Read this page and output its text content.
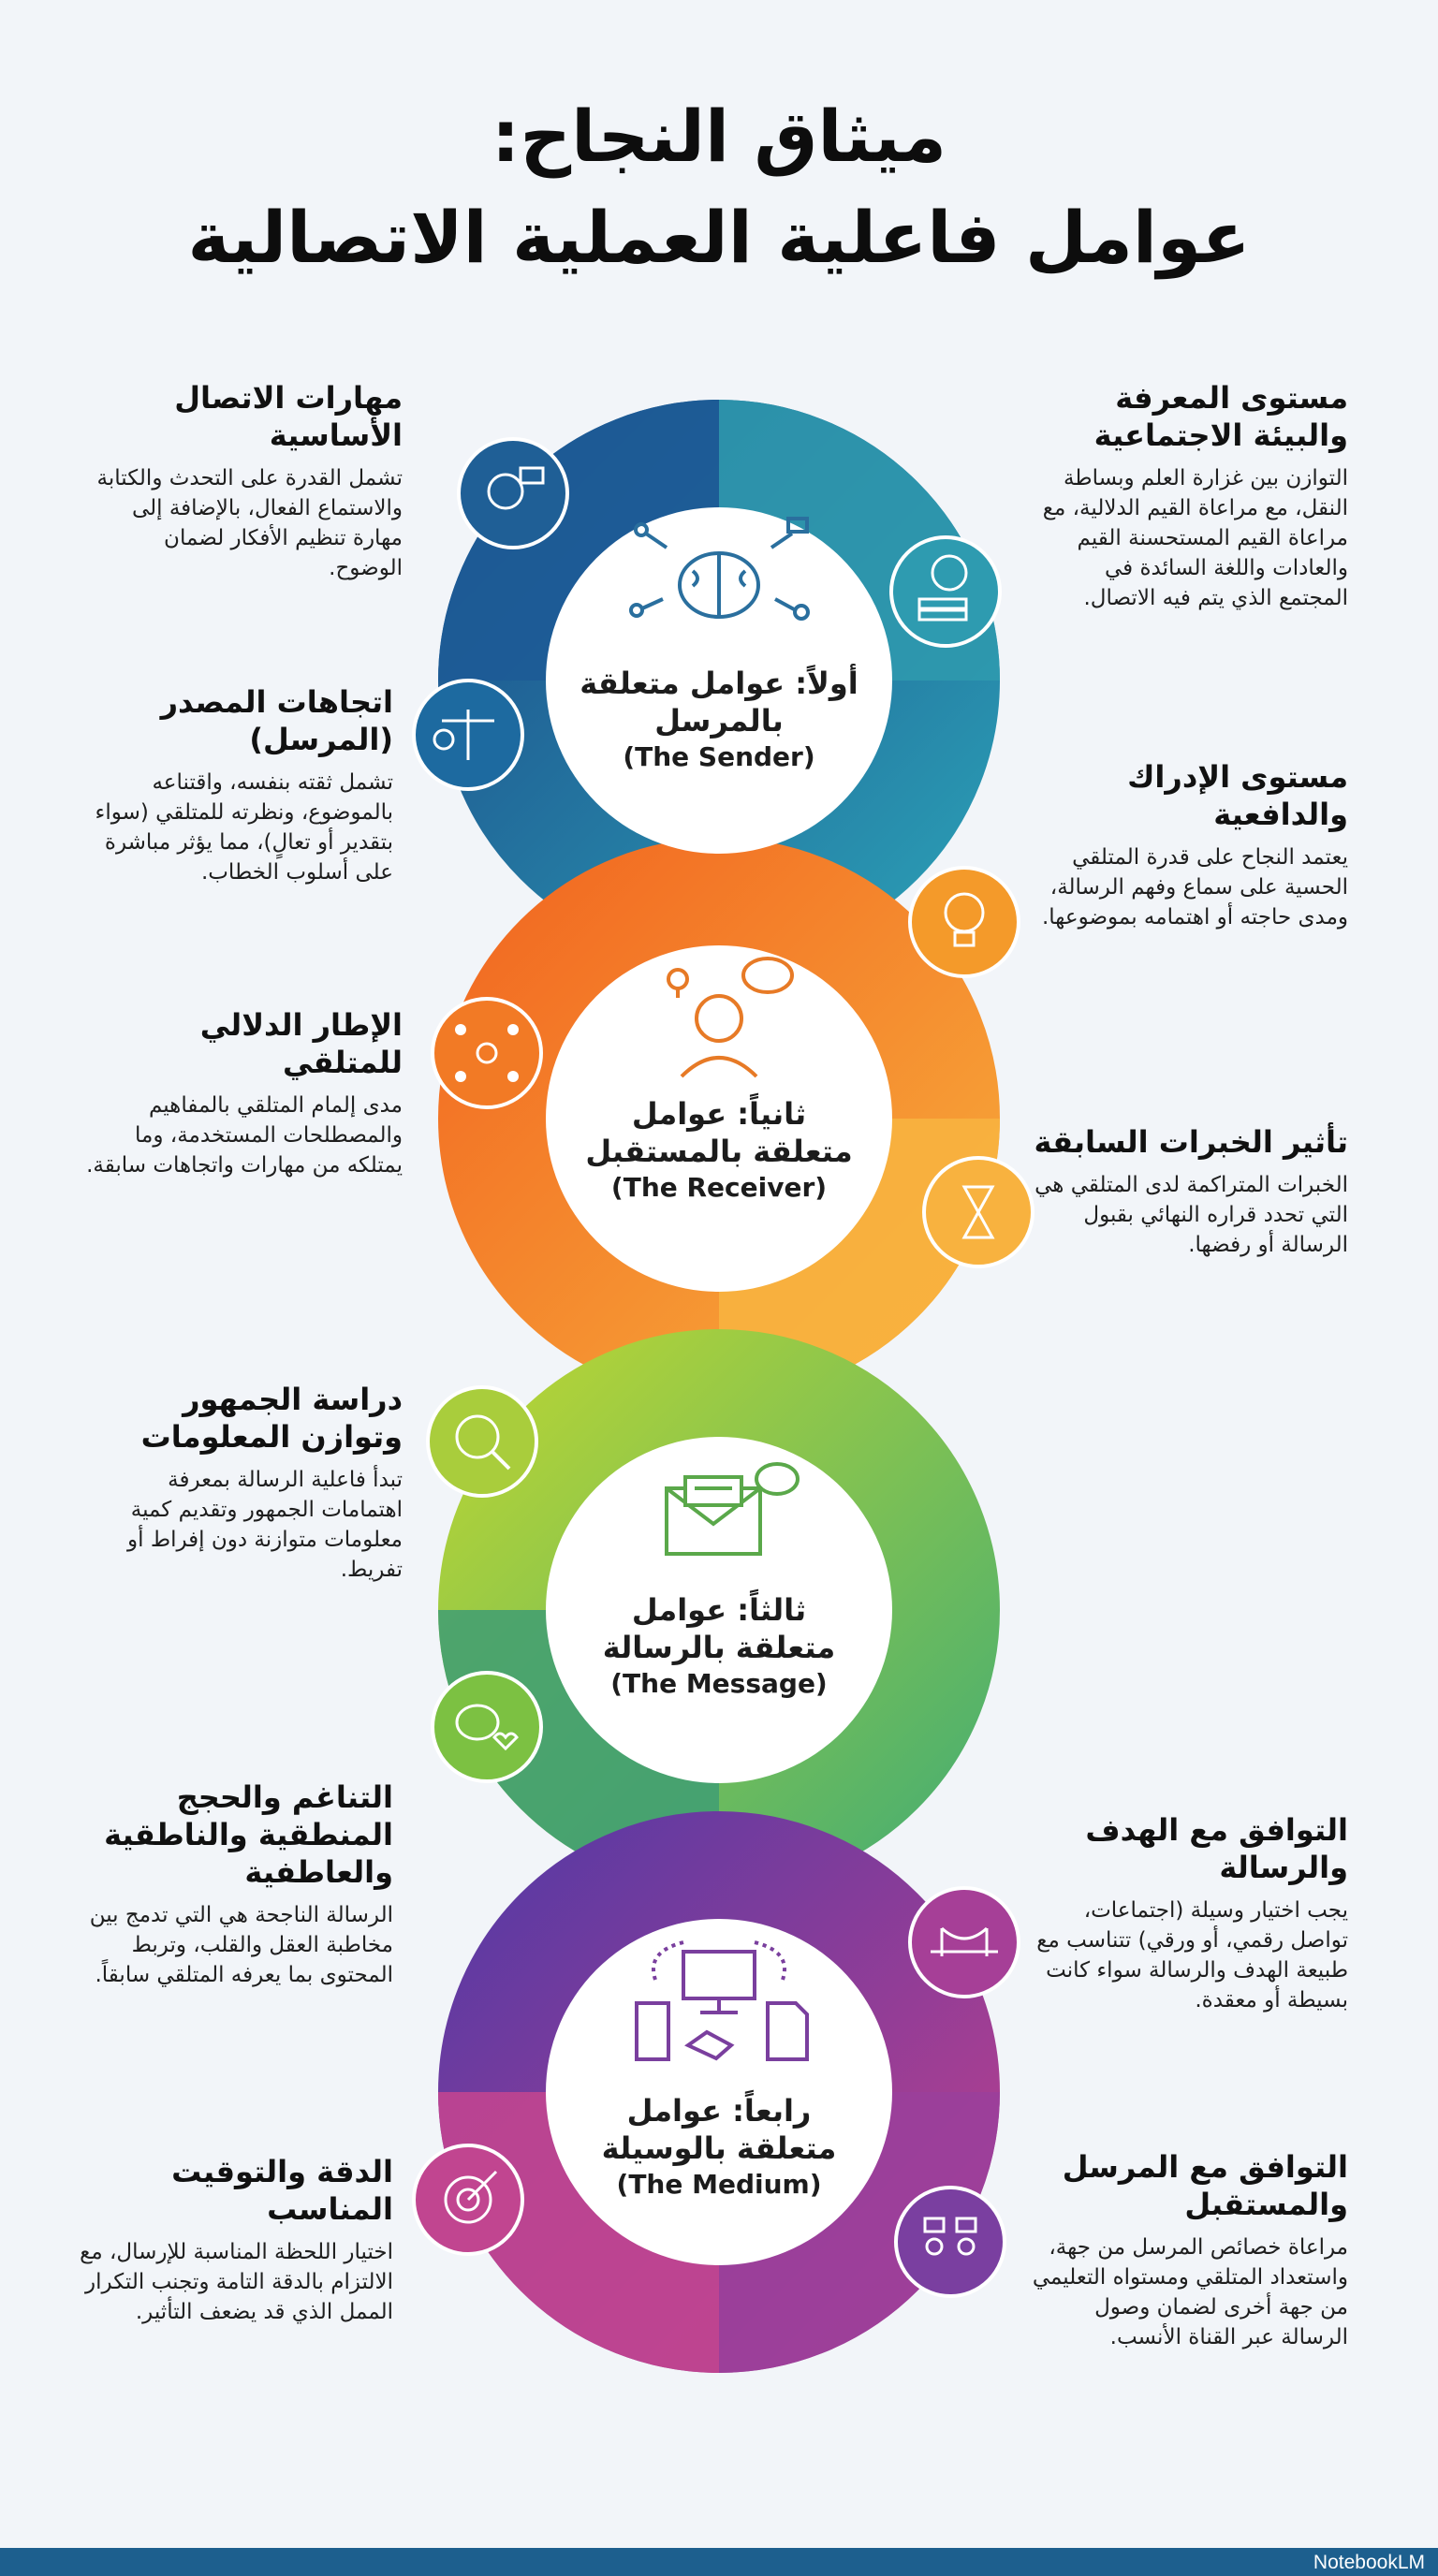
ميثاق النجاح:
عوامل فاعلية العملية الاتصالية
أولاً: عوامل متعلقة بالمرسل
(The Sender)
ثانياً: عوامل متعلقة بالمستقبل
(The Receiver)
ثالثاً: عوامل متعلقة بالرسالة
(The Message)
رابعاً: عوامل متعلقة بالوسيلة
(The Medium)
مستوى المعرفة والبيئة الاجتماعية

التوازن بين غزارة العلم وبساطة النقل، مع مراعاة القيم الدلالية، مع مراعاة القيم المستحسنة القيم والعادات واللغة السائدة في المجتمع الذي يتم فيه الاتصال.

مهارات الاتصال الأساسية

تشمل القدرة على التحدث والكتابة والاستماع الفعال، بالإضافة إلى مهارة تنظيم الأفكار لضمان الوضوح.

اتجاهات المصدر (المرسل)

تشمل ثقته بنفسه، واقتناعه بالموضوع، ونظرته للمتلقي (سواء بتقدير أو تعالٍ)، مما يؤثر مباشرة على أسلوب الخطاب.

مستوى الإدراك والدافعية

يعتمد النجاح على قدرة المتلقي الحسية على سماع وفهم الرسالة، ومدى حاجته أو اهتمامه بموضوعها.

تأثير الخبرات السابقة

الخبرات المتراكمة لدى المتلقي هي التي تحدد قراره النهائي بقبول الرسالة أو رفضها.

الإطار الدلالي للمتلقي

مدى إلمام المتلقي بالمفاهيم والمصطلحات المستخدمة، وما يمتلكه من مهارات واتجاهات سابقة.

دراسة الجمهور وتوازن المعلومات

تبدأ فاعلية الرسالة بمعرفة اهتمامات الجمهور وتقديم كمية معلومات متوازنة دون إفراط أو تفريط.

التناغم والحجج المنطقية والناطقية والعاطفية

الرسالة الناجحة هي التي تدمج بين مخاطبة العقل والقلب، وتربط المحتوى بما يعرفه المتلقي سابقاً.

التوافق مع الهدف والرسالة

يجب اختيار وسيلة (اجتماعات، تواصل رقمي، أو ورقي) تتناسب مع طبيعة الهدف والرسالة سواء كانت بسيطة أو معقدة.

التوافق مع المرسل والمستقبل

مراعاة خصائص المرسل من جهة، واستعداد المتلقي ومستواه التعليمي من جهة أخرى لضمان وصول الرسالة عبر القناة الأنسب.

الدقة والتوقيت المناسب

اختيار اللحظة المناسبة للإرسال، مع الالتزام بالدقة التامة وتجنب التكرار الممل الذي قد يضعف التأثير.

NotebookLM
